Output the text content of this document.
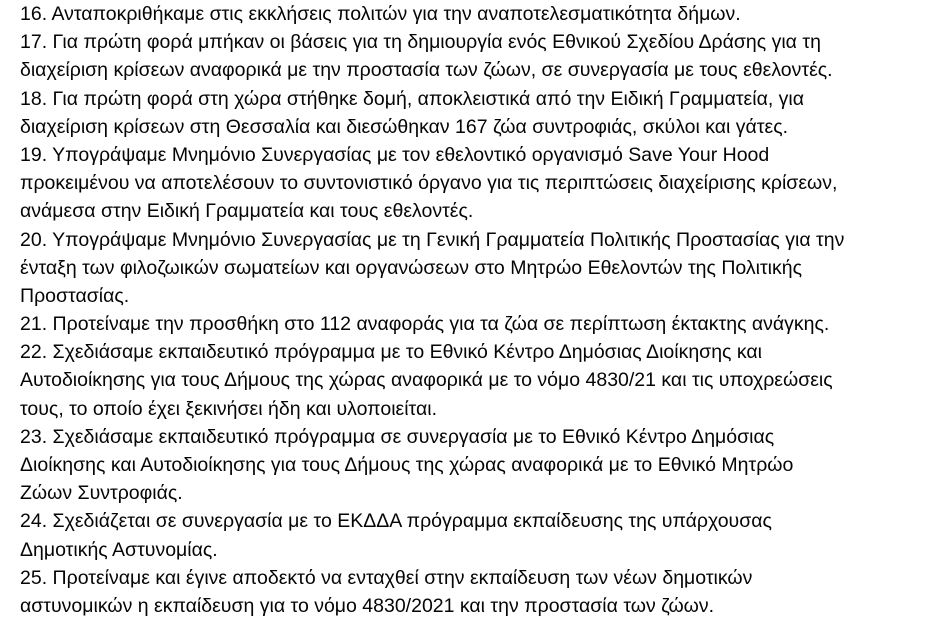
16. Ανταποκριθήκαμε στις εκκλήσεις πολιτών για την αναποτελεσματικότητα δήμων.
17. Για πρώτη φορά μπήκαν οι βάσεις για τη δημιουργία ενός Εθνικού Σχεδίου Δράσης για τη
διαχείριση κρίσεων αναφορικά με την προστασία των ζώων, σε συνεργασία με τους εθελοντές.
18. Για πρώτη φορά στη χώρα στήθηκε δομή, αποκλειστικά από την Ειδική Γραμματεία, για
διαχείριση κρίσεων στη Θεσσαλία και διεσώθηκαν 167 ζώα συντροφιάς, σκύλοι και γάτες.
19. Υπογράψαμε Μνημόνιο Συνεργασίας με τον εθελοντικό οργανισμό Save Your Hood
προκειμένου να αποτελέσουν το συντονιστικό όργανο για τις περιπτώσεις διαχείρισης κρίσεων,
ανάμεσα στην Ειδική Γραμματεία και τους εθελοντές.
20. Υπογράψαμε Μνημόνιο Συνεργασίας με τη Γενική Γραμματεία Πολιτικής Προστασίας για την
ένταξη των φιλοζωικών σωματείων και οργανώσεων στο Μητρώο Εθελοντών της Πολιτικής
Προστασίας.
21. Προτείναμε την προσθήκη στο 112 αναφοράς για τα ζώα σε περίπτωση έκτακτης ανάγκης.
22. Σχεδιάσαμε εκπαιδευτικό πρόγραμμα με το Εθνικό Κέντρο Δημόσιας Διοίκησης και
Αυτοδιοίκησης για τους Δήμους της χώρας αναφορικά με το νόμο 4830/21 και τις υποχρεώσεις
τους, το οποίο έχει ξεκινήσει ήδη και υλοποιείται.
23. Σχεδιάσαμε εκπαιδευτικό πρόγραμμα σε συνεργασία με το Εθνικό Κέντρο Δημόσιας
Διοίκησης και Αυτοδιοίκησης για τους Δήμους της χώρας αναφορικά με το Εθνικό Μητρώο
Ζώων Συντροφιάς.
24. Σχεδιάζεται σε συνεργασία με το ΕΚΔΔΑ πρόγραμμα εκπαίδευσης της υπάρχουσας
Δημοτικής Αστυνομίας.
25. Προτείναμε και έγινε αποδεκτό να ενταχθεί στην εκπαίδευση των νέων δημοτικών
αστυνομικών η εκπαίδευση για το νόμο 4830/2021 και την προστασία των ζώων.
